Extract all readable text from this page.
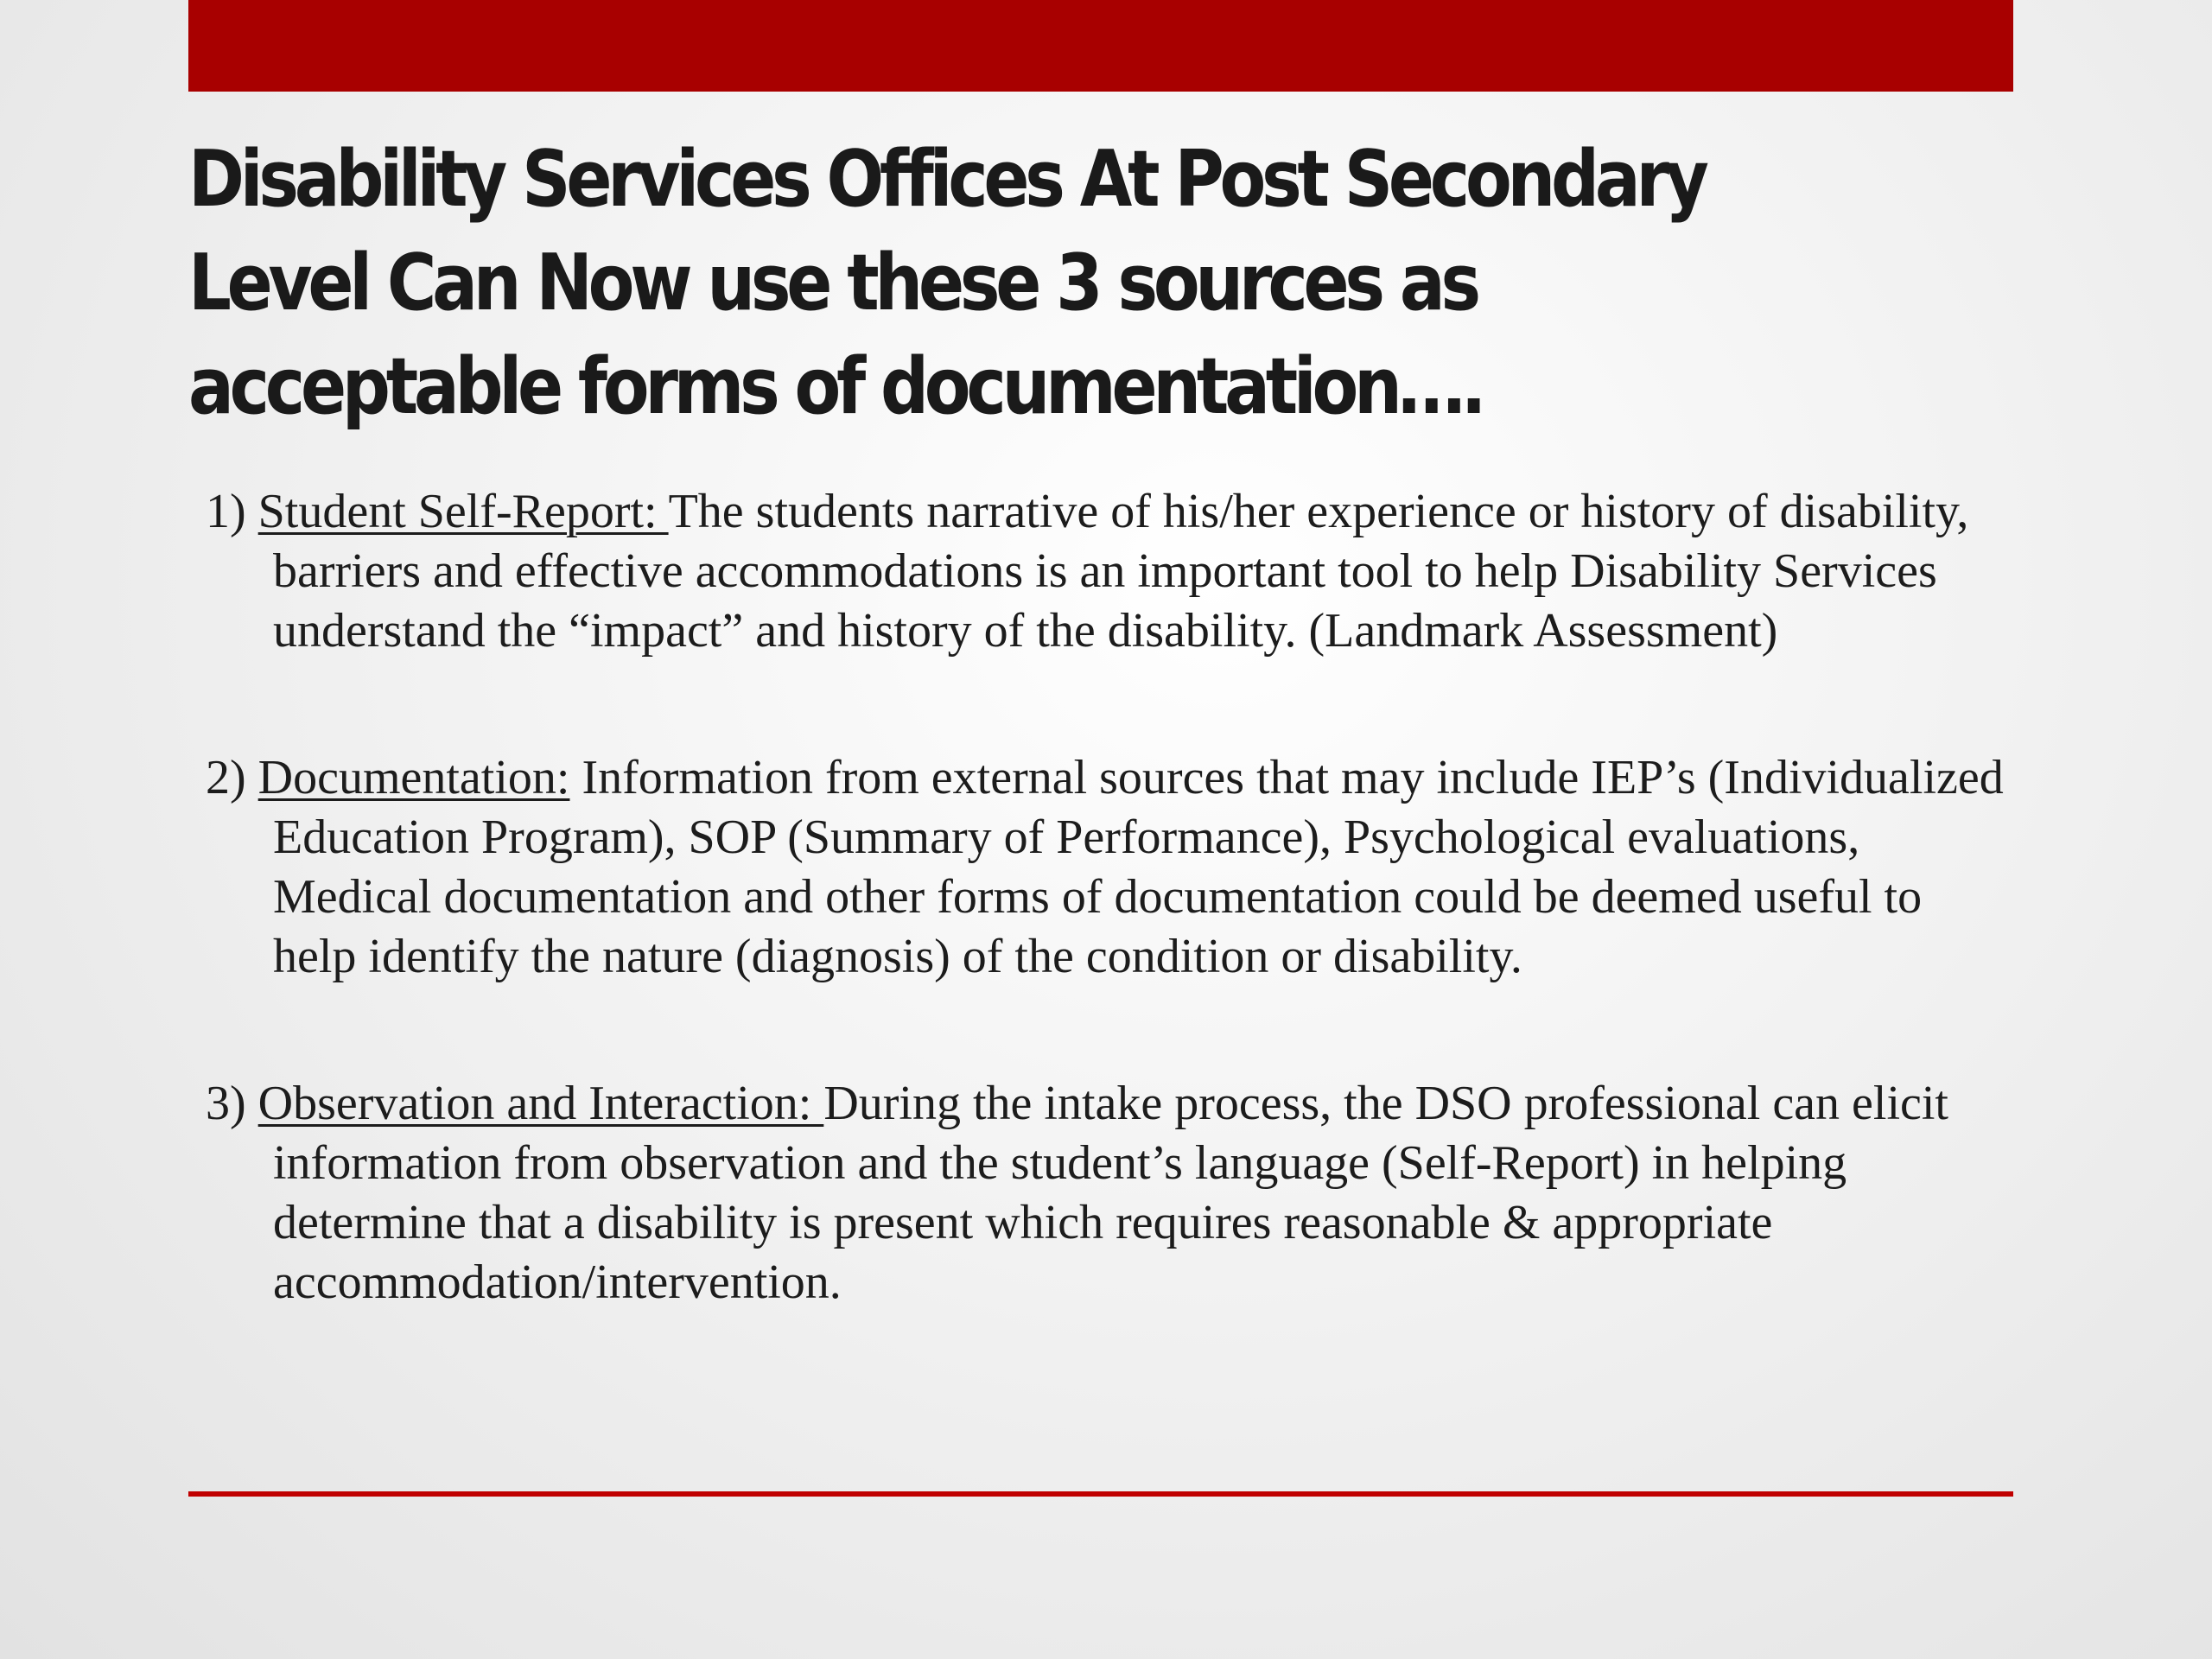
Disability Services Offices At Post Secondary
Level Can Now use these 3 sources as
acceptable forms of documentation….

1) Student Self-Report: The students narrative of his/her experience or history of disability, barriers and effective accommodations is an important tool to help Disability Services understand the “impact” and history of the disability. (Landmark Assessment)

2) Documentation: Information from external sources that may include IEP’s (Individualized Education Program), SOP (Summary of Performance), Psychological evaluations, Medical documentation and other forms of documentation could be deemed useful to help identify the nature (diagnosis) of the condition or disability.

3) Observation and Interaction: During the intake process, the DSO professional can elicit information from observation and the student’s language (Self-Report) in helping determine that a disability is present which requires reasonable & appropriate accommodation/intervention.
